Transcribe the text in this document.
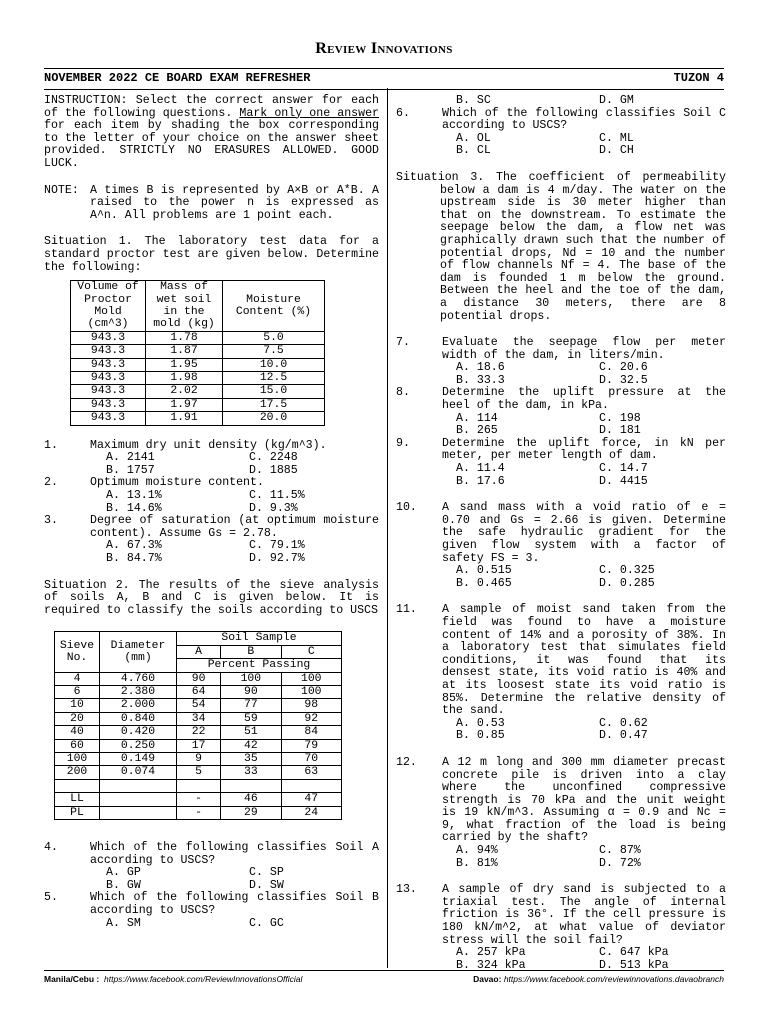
Review Innovations
NOVEMBER 2022 CE BOARD EXAM REFRESHER	TUZON 4

INSTRUCTION: Select the correct answer for each of the following questions. Mark only one answer for each item by shading the box corresponding to the letter of your choice on the answer sheet provided. STRICTLY NO ERASURES ALLOWED. GOOD LUCK.

NOTE: A times B is represented by A×B or A*B. A raised to the power n is expressed as A^n. All problems are 1 point each.

Situation 1. The laboratory test data for a standard proctor test are given below. Determine the following:

Volume of Proctor Mold (cm^3)	Mass of wet soil in the mold (kg)	Moisture Content (%)
943.3	1.78	5.0
943.3	1.87	7.5
943.3	1.95	10.0
943.3	1.98	12.5
943.3	2.02	15.0
943.3	1.97	17.5
943.3	1.91	20.0
1.	Maximum dry unit density (kg/m^3).
A. 2141	C. 2248
B. 1757	D. 1885
2.	Optimum moisture content.
A. 13.1%	C. 11.5%
B. 14.6%	D. 9.3%
3.	Degree of saturation (at optimum moisture content). Assume Gs = 2.78.
A. 67.3%	C. 79.1%
B. 84.7%	D. 92.7%

Situation 2. The results of the sieve analysis of soils A, B and C is given below. It is required to classify the soils according to USCS

Sieve No.	Diameter (mm)	Soil Sample		
		A	B	C
		Percent Passing		
4	4.760	90	100	100
6	2.380	64	90	100
10	2.000	54	77	98
20	0.840	34	59	92
40	0.420	22	51	84
60	0.250	17	42	79
100	0.149	9	35	70
200	0.074	5	33	63

LL		-	46	47
PL		-	29	24
4.	Which of the following classifies Soil A according to USCS?
A. GP	C. SP
B. GW	D. SW
5.	Which of the following classifies Soil B according to USCS?
A. SM	C. GC
B. SC	D. GM
6.	Which of the following classifies Soil C according to USCS?
A. OL	C. ML
B. CL	D. CH
Situation 3. The coefficient of permeability below a dam is 4 m/day. The water on the upstream side is 30 meter higher than that on the downstream. To estimate the seepage below the dam, a flow net was graphically drawn such that the number of potential drops, Nd = 10 and the number of flow channels Nf = 4. The base of the dam is founded 1 m below the ground. Between the heel and the toe of the dam, a distance 30 meters, there are 8 potential drops.
7.	Evaluate the seepage flow per meter width of the dam, in liters/min.
A. 18.6	C. 20.6
B. 33.3	D. 32.5
8.	Determine the uplift pressure at the heel of the dam, in kPa.
A. 114	C. 198
B. 265	D. 181
9.	Determine the uplift force, in kN per meter, per meter length of dam.
A. 11.4	C. 14.7
B. 17.6	D. 4415
10.	A sand mass with a void ratio of e = 0.70 and Gs = 2.66 is given. Determine the safe hydraulic gradient for the given flow system with a factor of safety FS = 3.
A. 0.515	C. 0.325
B. 0.465	D. 0.285
11.	A sample of moist sand taken from the field was found to have a moisture content of 14% and a porosity of 38%. In a laboratory test that simulates field conditions, it was found that its densest state, its void ratio is 40% and at its loosest state its void ratio is 85%. Determine the relative density of the sand.
A. 0.53	C. 0.62
B. 0.85	D. 0.47
12.	A 12 m long and 300 mm diameter precast concrete pile is driven into a clay where the unconfined compressive strength is 70 kPa and the unit weight is 19 kN/m^3. Assuming α = 0.9 and Nc = 9, what fraction of the load is being carried by the shaft?
A. 94%	C. 87%
B. 81%	D. 72%
13.	A sample of dry sand is subjected to a triaxial test. The angle of internal friction is 36°. If the cell pressure is 180 kN/m^2, at what value of deviator stress will the soil fail?
A. 257 kPa	C. 647 kPa
B. 324 kPa	D. 513 kPa
Manila/Cebu : https://www.facebook.com/ReviewInnovationsOfficial	Davao: https://www.facebook.com/reviewinnovations.davaobranch
